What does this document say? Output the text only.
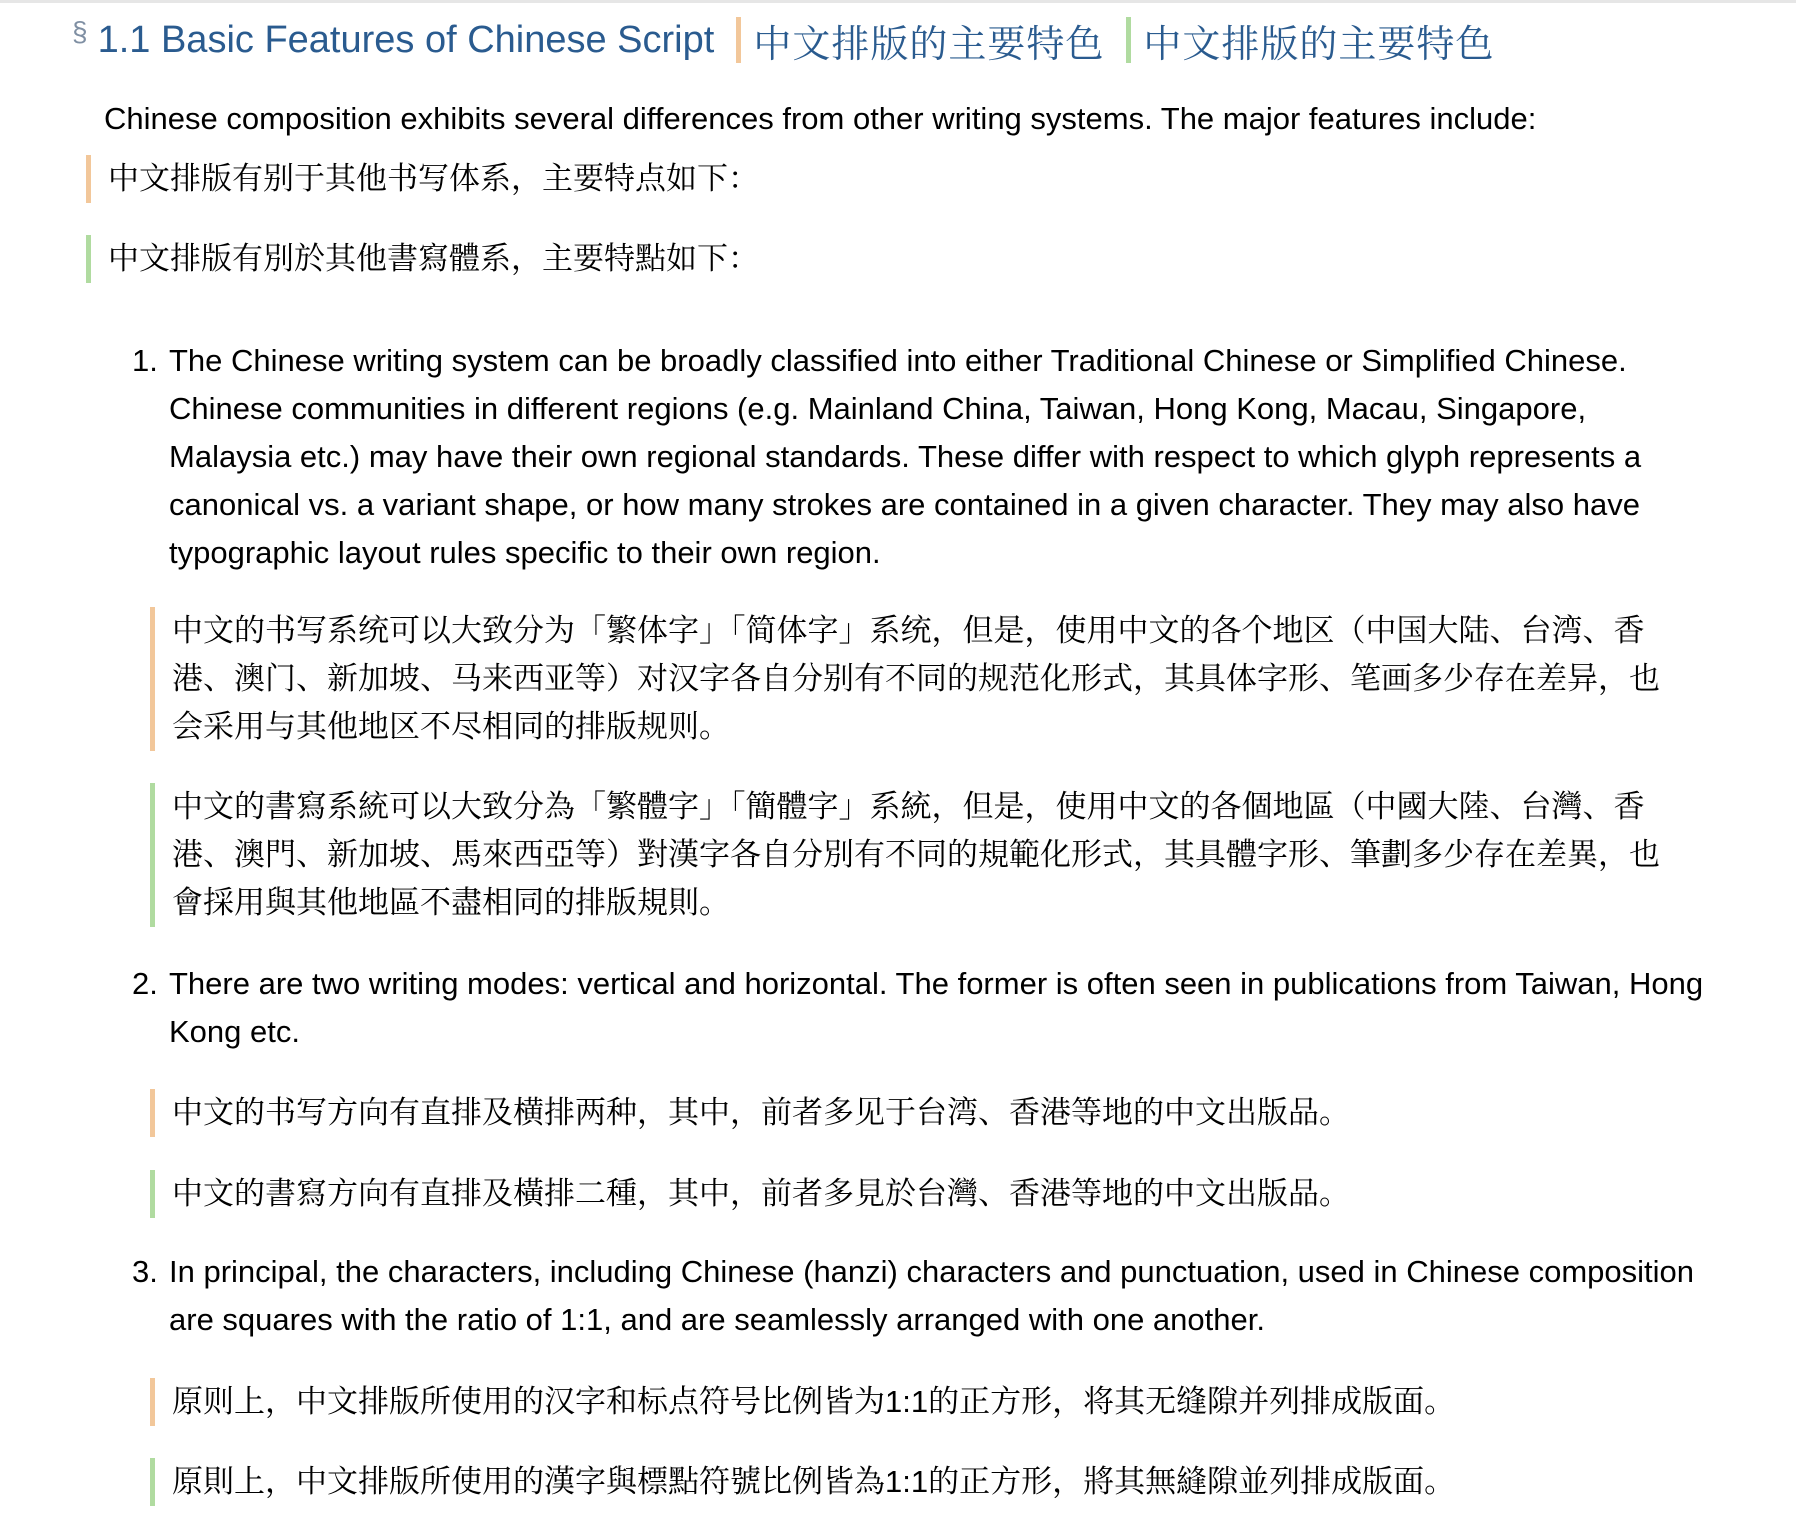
§ 1.1 Basic Features of Chinese Script 中文排版的主要特色 中文排版的主要特色

Chinese composition exhibits several differences from other writing systems. The major features include:

中文排版有别于其他书写体系，主要特点如下：
中文排版有別於其他書寫體系，主要特點如下：
1. The Chinese writing system can be broadly classified into either Traditional Chinese or Simplified Chinese. Chinese communities in different regions (e.g. Mainland China, Taiwan, Hong Kong, Macau, Singapore, Malaysia etc.) may have their own regional standards. These differ with respect to which glyph represents a canonical vs. a variant shape, or how many strokes are contained in a given character. They may also have typographic layout rules specific to their own region.
中文的书写系统可以大致分为「繁体字」「简体字」系统，但是，使用中文的各个地区（中国大陆、台湾、香港、澳门、新加坡、马来西亚等）对汉字各自分别有不同的规范化形式，其具体字形、笔画多少存在差异，也会采用与其他地区不尽相同的排版规则。
中文的書寫系統可以大致分為「繁體字」「簡體字」系統，但是，使用中文的各個地區（中國大陸、台灣、香港、澳門、新加坡、馬來西亞等）對漢字各自分別有不同的規範化形式，其具體字形、筆劃多少存在差異，也會採用與其他地區不盡相同的排版規則。
2. There are two writing modes: vertical and horizontal. The former is often seen in publications from Taiwan, Hong Kong etc.
中文的书写方向有直排及横排两种，其中，前者多见于台湾、香港等地的中文出版品。
中文的書寫方向有直排及橫排二種，其中，前者多見於台灣、香港等地的中文出版品。
3. In principal, the characters, including Chinese (hanzi) characters and punctuation, used in Chinese composition are squares with the ratio of 1:1, and are seamlessly arranged with one another.
原则上，中文排版所使用的汉字和标点符号比例皆为1:1的正方形，将其无缝隙并列排成版面。
原則上，中文排版所使用的漢字與標點符號比例皆為1:1的正方形，將其無縫隙並列排成版面。
